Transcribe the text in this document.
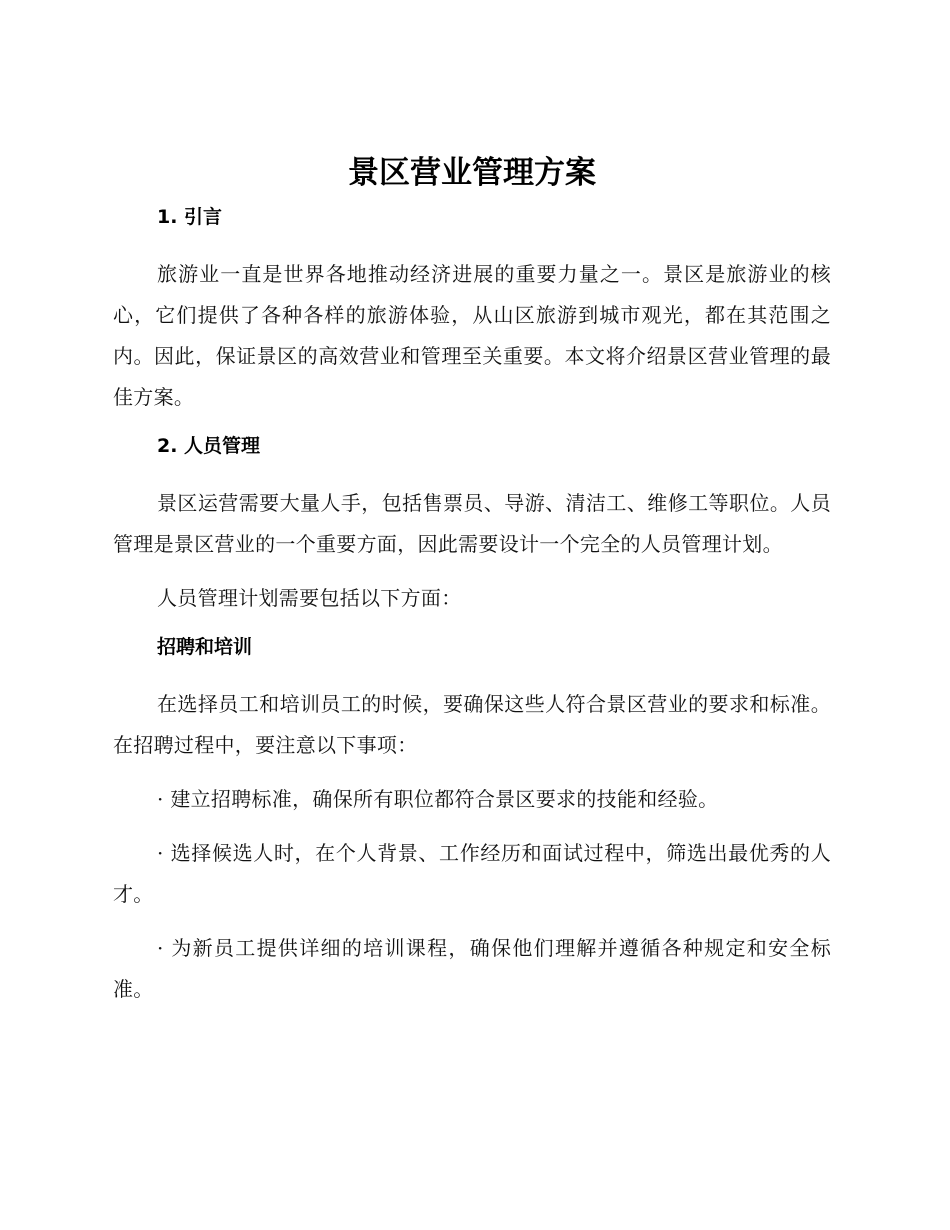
景区营业管理方案
1. 引言

旅游业一直是世界各地推动经济进展的重要力量之一。景区是旅游业的核心，它们提供了各种各样的旅游体验，从山区旅游到城市观光，都在其范围之内。因此，保证景区的高效营业和管理至关重要。本文将介绍景区营业管理的最佳方案。

2. 人员管理

景区运营需要大量人手，包括售票员、导游、清洁工、维修工等职位。人员管理是景区营业的一个重要方面，因此需要设计一个完全的人员管理计划。

人员管理计划需要包括以下方面：

招聘和培训

在选择员工和培训员工的时候，要确保这些人符合景区营业的要求和标准。在招聘过程中，要注意以下事项：

· 建立招聘标准，确保所有职位都符合景区要求的技能和经验。

· 选择候选人时，在个人背景、工作经历和面试过程中，筛选出最优秀的人才。

· 为新员工提供详细的培训课程，确保他们理解并遵循各种规定和安全标准。
